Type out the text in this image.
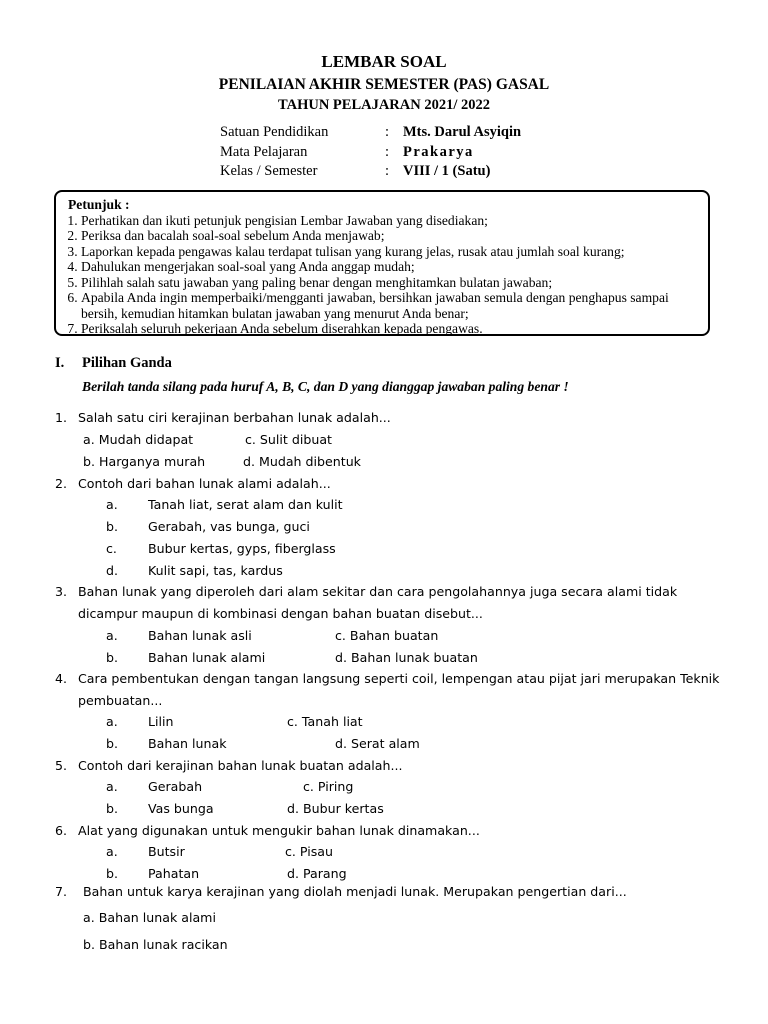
LEMBAR SOAL
PENILAIAN AKHIR SEMESTER (PAS) GASAL
TAHUN PELAJARAN 2021/ 2022
Satuan Pendidikan	: Mts. Darul Asyiqin
Mata Pelajaran	: Prakarya
Kelas / Semester	: VIII / 1 (Satu)
Petunjuk :
1. Perhatikan dan ikuti petunjuk pengisian Lembar Jawaban yang disediakan;
2. Periksa dan bacalah soal-soal sebelum Anda menjawab;
3. Laporkan kepada pengawas kalau terdapat tulisan yang kurang jelas, rusak atau jumlah soal kurang;
4. Dahulukan mengerjakan soal-soal yang Anda anggap mudah;
5. Pilihlah salah satu jawaban yang paling benar dengan menghitamkan bulatan jawaban;
6. Apabila Anda ingin memperbaiki/mengganti jawaban, bersihkan jawaban semula dengan penghapus sampai bersih, kemudian hitamkan bulatan jawaban yang menurut Anda benar;
7. Periksalah seluruh pekerjaan Anda sebelum diserahkan kepada pengawas.
I. Pilihan Ganda
Berilah tanda silang pada huruf A, B, C, dan D yang dianggap jawaban paling benar !
1. Salah satu ciri kerajinan berbahan lunak adalah...
a. Mudah didapat	c. Sulit dibuat
b. Harganya murah	d. Mudah dibentuk
2. Contoh dari bahan lunak alami adalah...
a. Tanah liat, serat alam dan kulit
b. Gerabah, vas bunga, guci
c. Bubur kertas, gyps, fiberglass
d. Kulit sapi, tas, kardus
3. Bahan lunak yang diperoleh dari alam sekitar dan cara pengolahannya juga secara alami tidak
dicampur maupun di kombinasi dengan bahan buatan disebut...
a. Bahan lunak asli	c. Bahan buatan
b. Bahan lunak alami	d. Bahan lunak buatan
4. Cara pembentukan dengan tangan langsung seperti coil, lempengan atau pijat jari merupakan Teknik
pembuatan...
a. Lilin	c. Tanah liat
b. Bahan lunak	d. Serat alam
5. Contoh dari kerajinan bahan lunak buatan adalah...
a. Gerabah	c. Piring
b. Vas bunga	d. Bubur kertas
6. Alat yang digunakan untuk mengukir bahan lunak dinamakan...
a. Butsir	c. Pisau
b. Pahatan	d. Parang
7. Bahan untuk karya kerajinan yang diolah menjadi lunak. Merupakan pengertian dari...
a. Bahan lunak alami
b. Bahan lunak racikan
